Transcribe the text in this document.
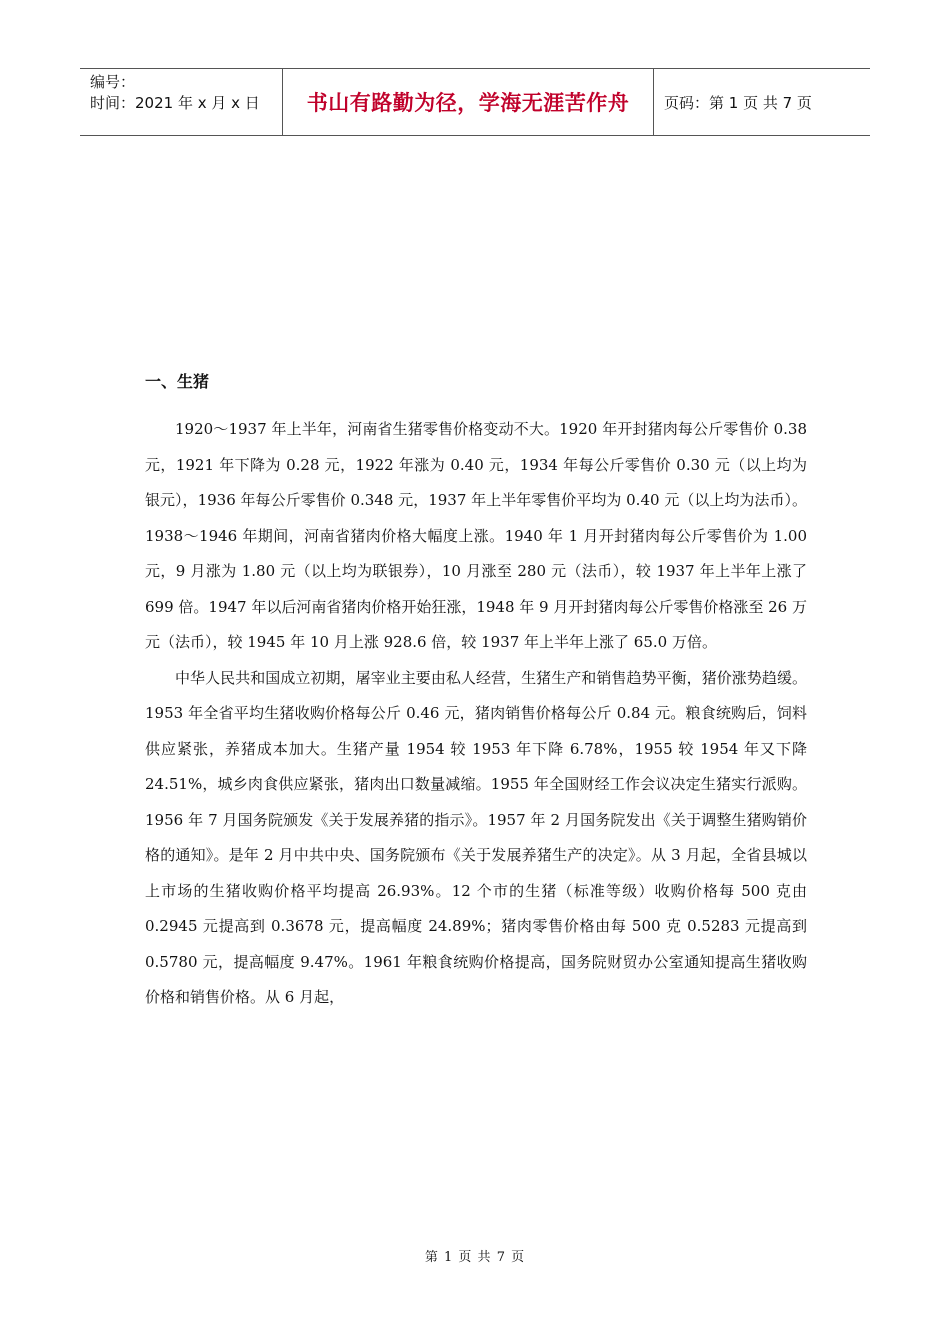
编号：
时间：2021 年 x 月 x 日	书山有路勤为径，学海无涯苦作舟	页码：第 1 页 共 7 页
一、生猪

1920～1937 年上半年，河南省生猪零售价格变动不大。1920 年开封猪肉每公斤零售价 0.38 元，1921 年下降为 0.28 元，1922 年涨为 0.40 元，1934 年每公斤零售价 0.30 元（以上均为银元），1936 年每公斤零售价 0.348 元，1937 年上半年零售价平均为 0.40 元（以上均为法币）。1938～1946 年期间，河南省猪肉价格大幅度上涨。1940 年 1 月开封猪肉每公斤零售价为 1.00 元，9 月涨为 1.80 元（以上均为联银券），10 月涨至 280 元（法币），较 1937 年上半年上涨了 699 倍。1947 年以后河南省猪肉价格开始狂涨，1948 年 9 月开封猪肉每公斤零售价格涨至 26 万元（法币），较 1945 年 10 月上涨 928.6 倍，较 1937 年上半年上涨了 65.0 万倍。

中华人民共和国成立初期，屠宰业主要由私人经营，生猪生产和销售趋势平衡，猪价涨势趋缓。1953 年全省平均生猪收购价格每公斤 0.46 元，猪肉销售价格每公斤 0.84 元。粮食统购后，饲料供应紧张，养猪成本加大。生猪产量 1954 较 1953 年下降 6.78%，1955 较 1954 年又下降 24.51%，城乡肉食供应紧张，猪肉出口数量减缩。1955 年全国财经工作会议决定生猪实行派购。1956 年 7 月国务院颁发《关于发展养猪的指示》。1957 年 2 月国务院发出《关于调整生猪购销价格的通知》。是年 2 月中共中央、国务院颁布《关于发展养猪生产的决定》。从 3 月起，全省县城以上市场的生猪收购价格平均提高 26.93%。12 个市的生猪（标准等级）收购价格每 500 克由 0.2945 元提高到 0.3678 元，提高幅度 24.89%；猪肉零售价格由每 500 克 0.5283 元提高到 0.5780 元，提高幅度 9.47%。1961 年粮食统购价格提高，国务院财贸办公室通知提高生猪收购价格和销售价格。从 6 月起，

第 1 页 共 7 页
